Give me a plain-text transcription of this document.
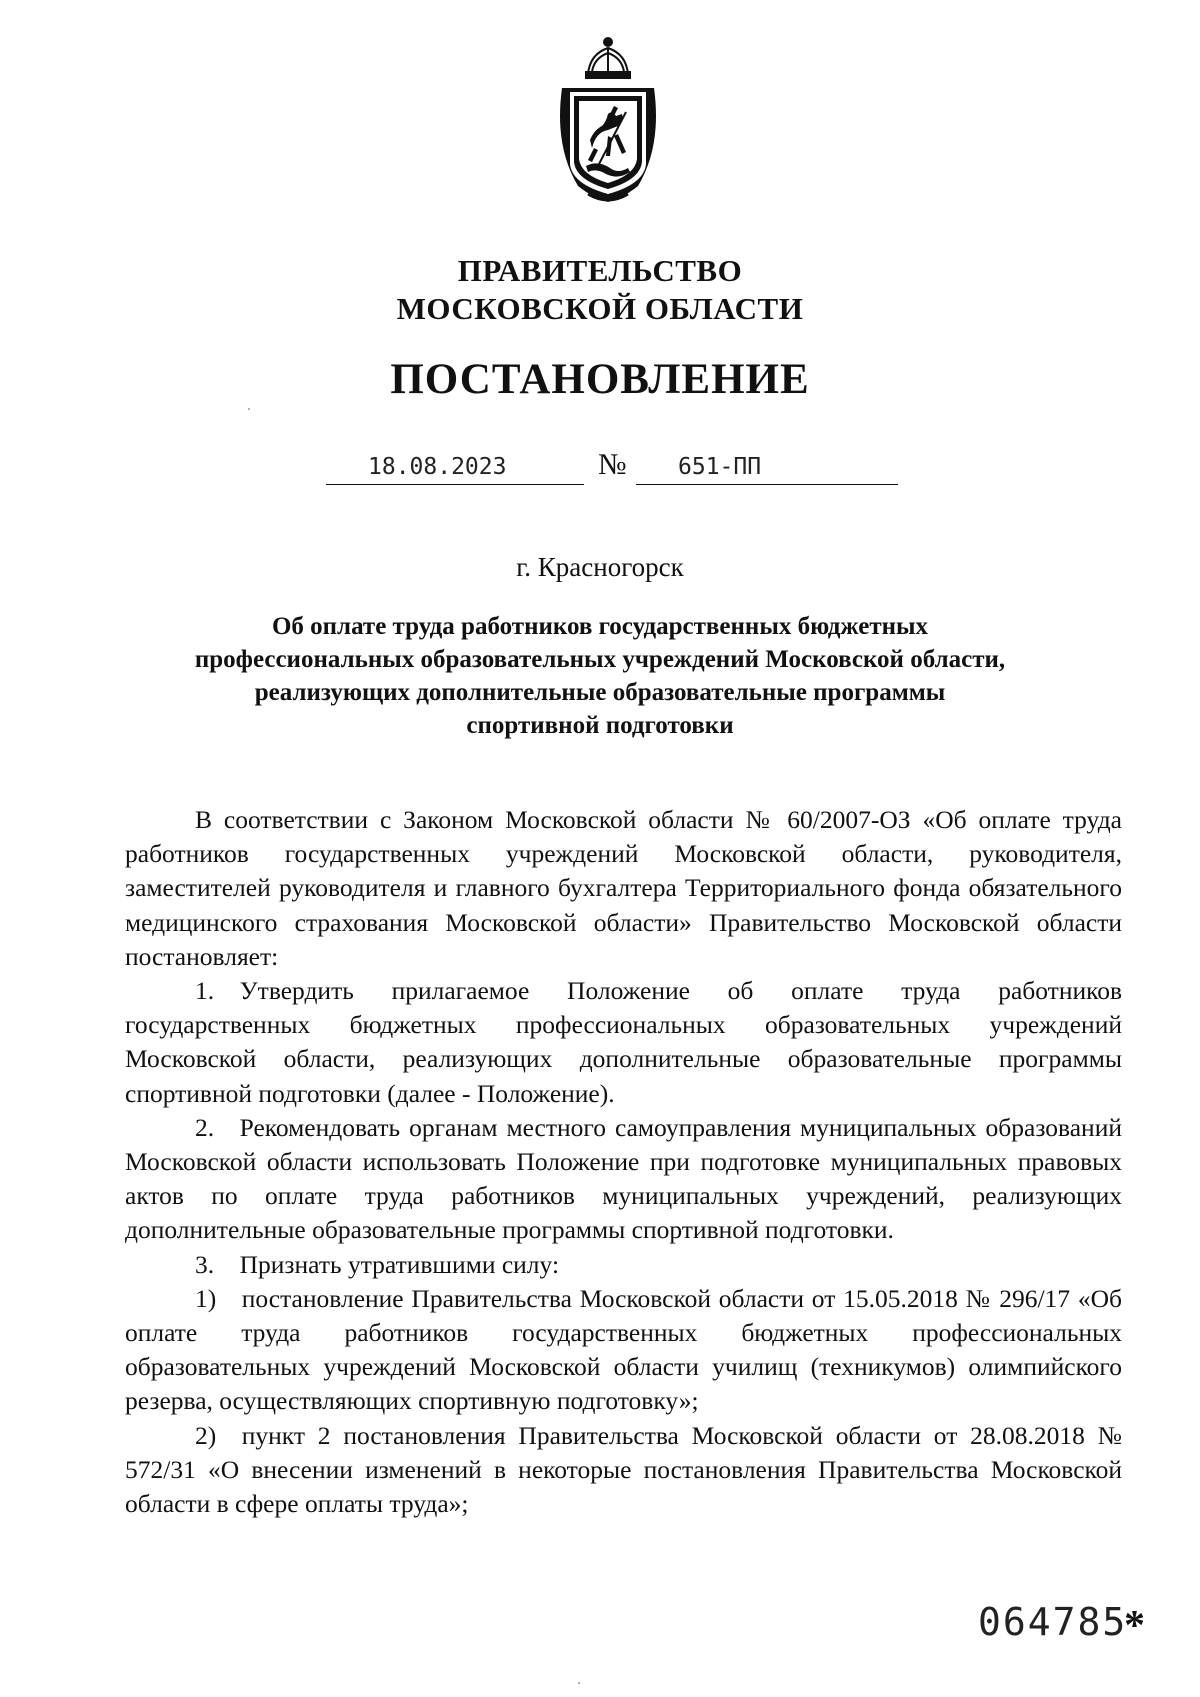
ПРАВИТЕЛЬСТВО
МОСКОВСКОЙ ОБЛАСТИ
ПОСТАНОВЛЕНИЕ
18.08.2023	№ 651-ПП
г. Красногорск
Об оплате труда работников государственных бюджетных
профессиональных образовательных учреждений Московской области,
реализующих дополнительные образовательные программы
спортивной подготовки

В соответствии с Законом Московской области № 60/2007-ОЗ «Об оплате труда работников государственных учреждений Московской области, руководителя, заместителей руководителя и главного бухгалтера Территориального фонда обязательного медицинского страхования Московской области» Правительство Московской области постановляет:

1. Утвердить прилагаемое Положение об оплате труда работников государственных бюджетных профессиональных образовательных учреждений Московской области, реализующих дополнительные образовательные программы спортивной подготовки (далее - Положение).

2. Рекомендовать органам местного самоуправления муниципальных образований Московской области использовать Положение при подготовке муниципальных правовых актов по оплате труда работников муниципальных учреждений, реализующих дополнительные образовательные программы спортивной подготовки.

3. Признать утратившими силу:

1) постановление Правительства Московской области от 15.05.2018 № 296/17 «Об оплате труда работников государственных бюджетных профессиональных образовательных учреждений Московской области училищ (техникумов) олимпийского резерва, осуществляющих спортивную подготовку»;

2) пункт 2 постановления Правительства Московской области от 28.08.2018 № 572/31 «О внесении изменений в некоторые постановления Правительства Московской области в сфере оплаты труда»;

064785
*
